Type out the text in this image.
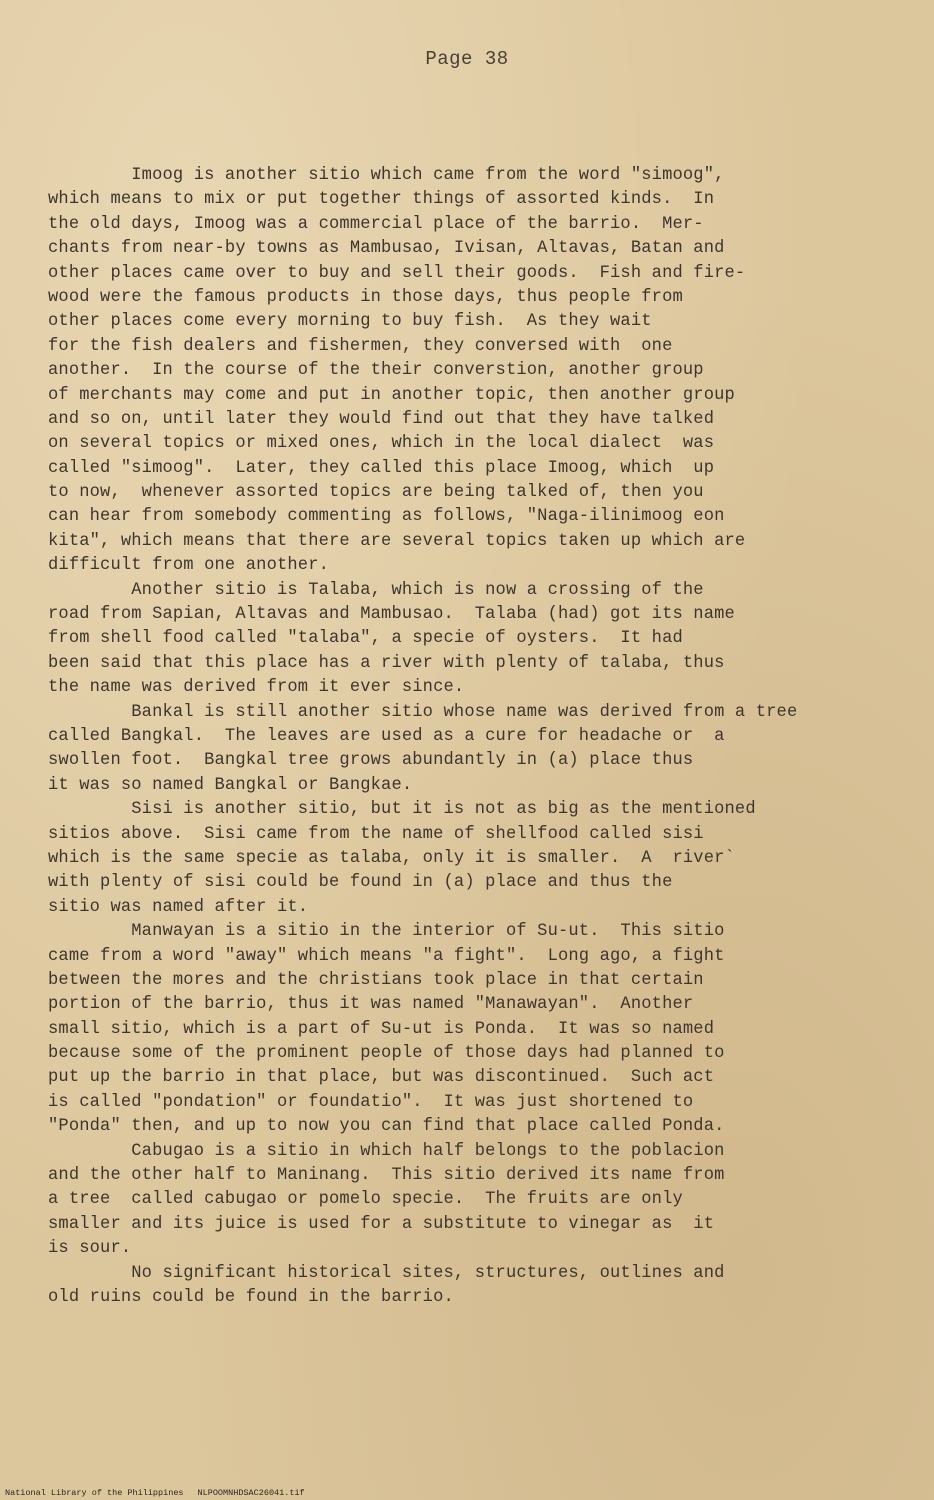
Page 38
Imoog is another sitio which came from the word "simoog",
which means to mix or put together things of assorted kinds.  In
the old days, Imoog was a commercial place of the barrio.  Mer-
chants from near-by towns as Mambusao, Ivisan, Altavas, Batan and
other places came over to buy and sell their goods.  Fish and fire-
wood were the famous products in those days, thus people from
other places come every morning to buy fish.  As they wait
for the fish dealers and fishermen, they conversed with  one
another.  In the course of the their converstion, another group
of merchants may come and put in another topic, then another group
and so on, until later they would find out that they have talked
on several topics or mixed ones, which in the local dialect  was
called "simoog".  Later, they called this place Imoog, which  up
to now,  whenever assorted topics are being talked of, then you
can hear from somebody commenting as follows, "Naga-ilinimoog eon
kita", which means that there are several topics taken up which are
difficult from one another.
Another sitio is Talaba, which is now a crossing of the
road from Sapian, Altavas and Mambusao.  Talaba (had) got its name
from shell food called "talaba", a specie of oysters.  It had
been said that this place has a river with plenty of talaba, thus
the name was derived from it ever since.
Bankal is still another sitio whose name was derived from a tree
called Bangkal.  The leaves are used as a cure for headache or  a
swollen foot.  Bangkal tree grows abundantly in (a) place thus
it was so named Bangkal or Bangkae.
Sisi is another sitio, but it is not as big as the mentioned
sitios above.  Sisi came from the name of shellfood called sisi
which is the same specie as talaba, only it is smaller.  A  river`
with plenty of sisi could be found in (a) place and thus the
sitio was named after it.
Manwayan is a sitio in the interior of Su-ut.  This sitio
came from a word "away" which means "a fight".  Long ago, a fight
between the mores and the christians took place in that certain
portion of the barrio, thus it was named "Manawayan".  Another
small sitio, which is a part of Su-ut is Ponda.  It was so named
because some of the prominent people of those days had planned to
put up the barrio in that place, but was discontinued.  Such act
is called "pondation" or foundatio".  It was just shortened to
"Ponda" then, and up to now you can find that place called Ponda.
Cabugao is a sitio in which half belongs to the poblacion
and the other half to Maninang.  This sitio derived its name from
a tree  called cabugao or pomelo specie.  The fruits are only
smaller and its juice is used for a substitute to vinegar as  it
is sour.
No significant historical sites, structures, outlines and
old ruins could be found in the barrio.
National Library of the Philippines NLPOOMNHDSAC26041.tif
